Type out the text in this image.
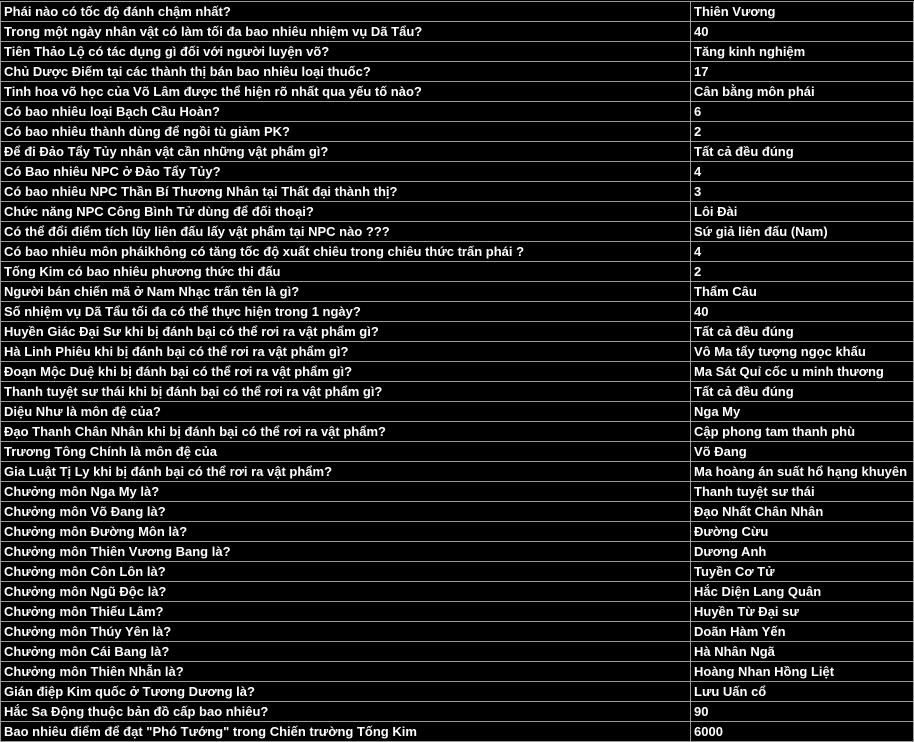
Phái nào có tốc độ đánh chậm nhất?	Thiên Vương
Trong một ngày nhân vật có làm tối đa bao nhiêu nhiệm vụ Dã Tẩu?	40
Tiên Thảo Lộ có tác dụng gì đối với người luyện võ?	Tăng kinh nghiệm
Chủ Dược Điếm tại các thành thị bán bao nhiêu loại thuốc?	17
Tinh hoa võ học của Võ Lâm được thể hiện rõ nhất qua yếu tố nào?	Cân bằng môn phái
Có bao nhiêu loại Bạch Cầu Hoàn?	6
Có bao nhiêu thành dùng để ngồi tù giảm PK?	2
Để đi Đảo Tẩy Tủy nhân vật cần những vật phẩm gì?	Tất cả đều đúng
Có Bao nhiêu NPC ở Đảo Tẩy Tủy?	4
Có bao nhiêu NPC Thần Bí Thương Nhân tại Thất đại thành thị?	3
Chức năng NPC Công Bình Tử dùng để đối thoại?	Lôi Đài
Có thể đổi điểm tích lũy liên đấu lấy vật phẩm tại NPC nào ???	Sứ giả liên đấu (Nam)
Có bao nhiêu môn pháikhông có tăng tốc độ xuất chiêu trong chiêu thức trấn phái ?	4
Tống Kim có bao nhiêu phương thức thi đấu	2
Người bán chiến mã ở Nam Nhạc trấn tên là gì?	Thẩm Câu
Số nhiệm vụ Dã Tẩu tối đa có thể thực hiện trong 1 ngày?	40
Huyền Giác Đại Sư khi bị đánh bại có thể rơi ra vật phẩm gì?	Tất cả đều đúng
Hà Linh Phiêu khi bị đánh bại có thể rơi ra vật phẩm gì?	Vô Ma tẩy tượng ngọc khấu
Đoạn Mộc Duệ khi bị đánh bại có thể rơi ra vật phẩm gì?	Ma Sát Quỉ cốc u minh thương
Thanh tuyệt sư thái khi bị đánh bại có thể rơi ra vật phẩm gì?	Tất cả đều đúng
Diệu Như là môn đệ của?	Nga My
Đạo Thanh Chân Nhân khi bị đánh bại có thể rơi ra vật phẩm?	Cập phong tam thanh phù
Trương Tông Chính là môn đệ của	Võ Đang
Gia Luật Tị Ly khi bị đánh bại có thể rơi ra vật phẩm?	Ma hoàng án suất hổ hạng khuyên
Chưởng môn Nga My là?	Thanh tuyệt sư thái
Chưởng môn Võ Đang là?	Đạo Nhất Chân Nhân
Chưởng môn Đường Môn là?	Đường Cừu
Chưởng môn Thiên Vương Bang là?	Dương Anh
Chưởng môn Côn Lôn là?	Tuyền Cơ Tử
Chưởng môn Ngũ Độc là?	Hắc Diện Lang Quân
Chưởng môn Thiếu Lâm?	Huyền Từ Đại sư
Chưởng môn Thúy Yên là?	Doãn Hàm Yến
Chưởng môn Cái Bang là?	Hà Nhân Ngã
Chưởng môn Thiên Nhẫn là?	Hoàng Nhan Hồng Liệt
Gián điệp Kim quốc ở Tương Dương là?	Lưu Uấn cổ
Hắc Sa Động thuộc bản đồ cấp bao nhiêu?	90
Bao nhiêu điểm để đạt "Phó Tướng" trong Chiến trường Tống Kim	6000
